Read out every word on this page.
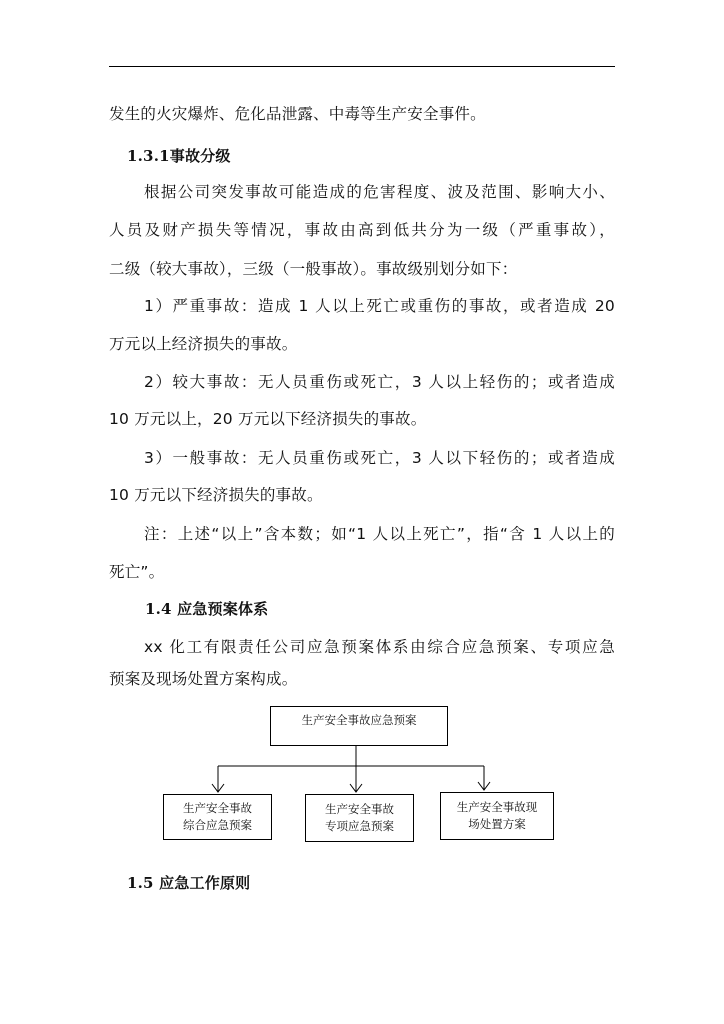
发生的火灾爆炸、危化品泄露、中毒等生产安全事件。
1.3.1事故分级
根据公司突发事故可能造成的危害程度、波及范围、影响大小、
人员及财产损失等情况，事故由高到低共分为一级（严重事故），
二级（较大事故），三级（一般事故）。事故级别划分如下：
1）严重事故：造成 1 人以上死亡或重伤的事故，或者造成 20
万元以上经济损失的事故。
2）较大事故：无人员重伤或死亡，3 人以上轻伤的；或者造成
10 万元以上，20 万元以下经济损失的事故。
3）一般事故：无人员重伤或死亡，3 人以下轻伤的；或者造成
10 万元以下经济损失的事故。
注：上述“以上”含本数；如“1 人以上死亡”，指“含 1 人以上的
死亡”。
1.4 应急预案体系
xx 化工有限责任公司应急预案体系由综合应急预案、专项应急
预案及现场处置方案构成。
生产安全事故应急预案
生产安全事故
综合应急预案
生产安全事故
专项应急预案
生产安全事故现
场处置方案
1.5 应急工作原则
